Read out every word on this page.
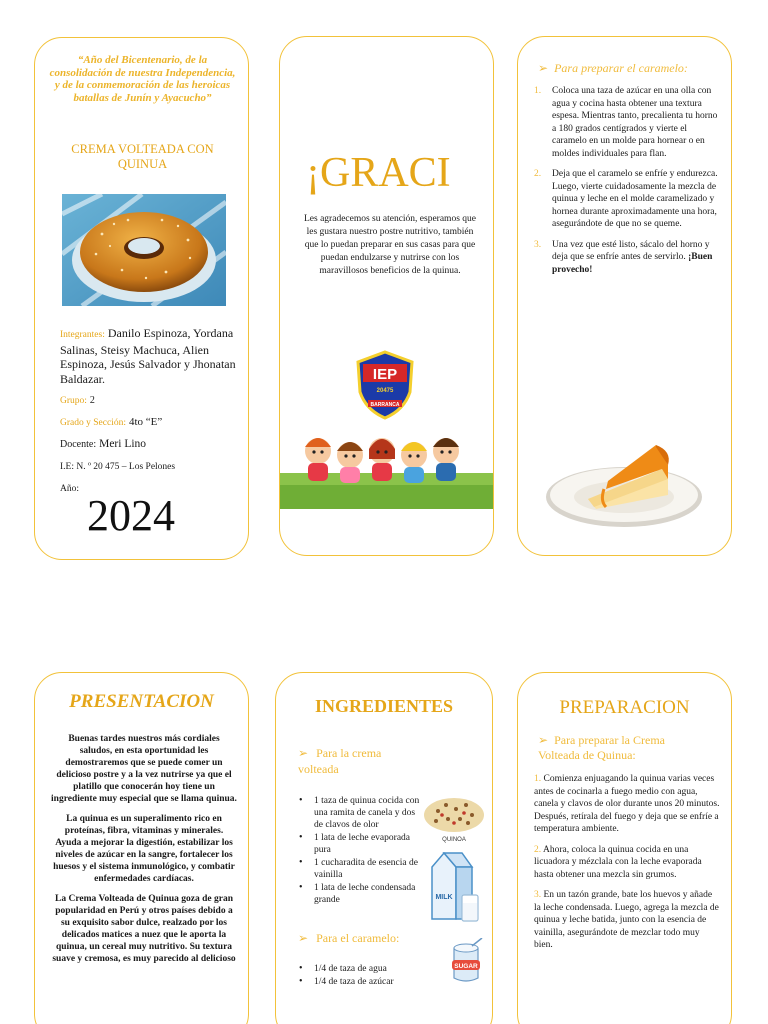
“Año del Bicentenario, de la consolidación de nuestra Independencia, y de la conmemoración de las heroicas batallas de Junín y Ayacucho”
CREMA VOLTEADA CON QUINUA
Integrantes: Danilo Espinoza, Yordana Salinas, Steisy Machuca, Alien Espinoza, Jesús Salvador y Jhonatan Baldazar.
Grupo: 2
Grado y Sección: 4to “E”
Docente: Meri Lino
I.E: N. º 20 475 – Los Pelones
Año:
2024
¡GRACI
Les agradecemos su atención, esperamos que les gustara nuestro postre nutritivo, también que lo puedan preparar en sus casas para que puedan endulzarse y nutrirse con los maravillosos beneficios de la quinua.
IEP
20475
BARRANCA
➢ Para preparar el caramelo:
1.	Coloca una taza de azúcar en una olla con agua y cocina hasta obtener una textura espesa. Mientras tanto, precalienta tu horno a 180 grados centígrados y vierte el caramelo en un molde para hornear o en moldes individuales para flan.
2.	Deja que el caramelo se enfríe y endurezca. Luego, vierte cuidadosamente la mezcla de quinua y leche en el molde caramelizado y hornea durante aproximadamente una hora, asegurándote de que no se queme.
3.	Una vez que esté listo, sácalo del horno y deja que se enfríe antes de servirlo. ¡Buen provecho!
PRESENTACION

Buenas tardes nuestros más cordiales saludos, en esta oportunidad les demostraremos que se puede comer un delicioso postre y a la vez nutrirse ya que el platillo que conocerán hoy tiene un ingrediente muy especial que se llama quinua.

La quinua es un superalimento rico en proteínas, fibra, vitaminas y minerales. Ayuda a mejorar la digestión, estabilizar los niveles de azúcar en la sangre, fortalecer los huesos y el sistema inmunológico, y combatir enfermedades cardíacas.

La Crema Volteada de Quinua goza de gran popularidad en Perú y otros países debido a su exquisito sabor dulce, realzado por los delicados matices a nuez que le aporta la quinua, un cereal muy nutritivo. Su textura suave y cremosa, es muy parecido al delicioso

INGREDIENTES
➢ Para la crema volteada
• 1 taza de quinua cocida con una ramita de canela y dos de clavos de olor
• 1 lata de leche evaporada pura
• 1 cucharadita de esencia de vainilla
• 1 lata de leche condensada grande
➢ Para el caramelo:
• 1/4 de taza de agua
• 1/4 de taza de azúcar
QUINOA
MILK
SUGAR
PREPARACION
➢ Para preparar la Crema Volteada de Quinua:
1. Comienza enjuagando la quinua varias veces antes de cocinarla a fuego medio con agua, canela y clavos de olor durante unos 20 minutos. Después, retírala del fuego y deja que se enfríe a temperatura ambiente.
2. Ahora, coloca la quinua cocida en una licuadora y mézclala con la leche evaporada hasta obtener una mezcla sin grumos.
3. En un tazón grande, bate los huevos y añade la leche condensada. Luego, agrega la mezcla de quinua y leche batida, junto con la esencia de vainilla, asegurándote de mezclar todo muy bien.
